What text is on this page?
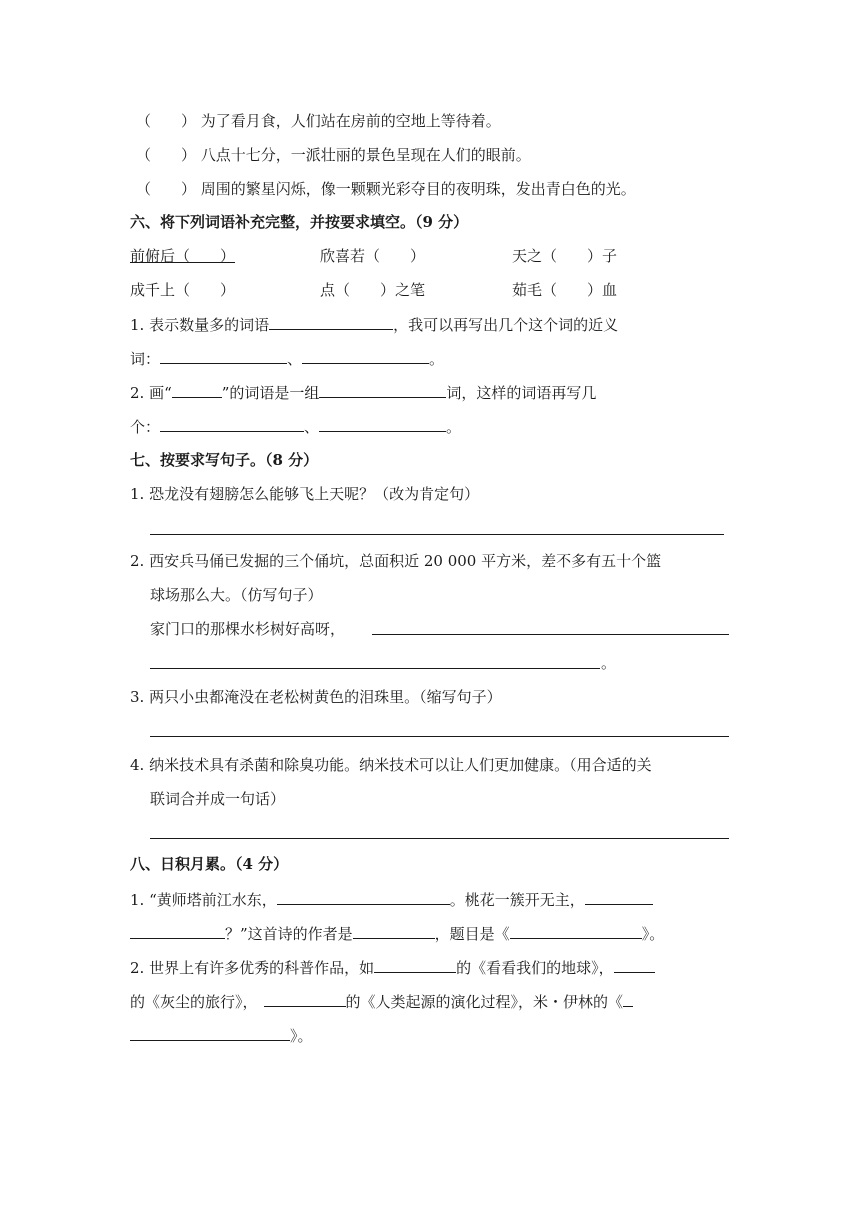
（　　） 为了看月食，人们站在房前的空地上等待着。
（　　） 八点十七分，一派壮丽的景色呈现在人们的眼前。
（　　） 周围的繁星闪烁，像一颗颗光彩夺目的夜明珠，发出青白色的光。
六、将下列词语补充完整，并按要求填空。（9 分）
前俯后（　　）	欣喜若（　　）	天之（　　）子
成千上（　　）	点（　　）之笔	茹毛（　　）血
1. 表示数量多的词语	，我可以再写出几个这个词的近义
词：	、	。
2. 画“	”的词语是一组	词，这样的词语再写几
个：	、	。
七、按要求写句子。（8 分）
1. 恐龙没有翅膀怎么能够飞上天呢？（改为肯定句）
2. 西安兵马俑已发掘的三个俑坑，总面积近 20 000 平方米，差不多有五十个篮
球场那么大。（仿写句子）
家门口的那棵水杉树好高呀，
。
3. 两只小虫都淹没在老松树黄色的泪珠里。（缩写句子）
4. 纳米技术具有杀菌和除臭功能。纳米技术可以让人们更加健康。（用合适的关
联词合并成一句话）
八、日积月累。（4 分）
1. “黄师塔前江水东，	。桃花一簇开无主，
？”这首诗的作者是	，题目是《	》。
2. 世界上有许多优秀的科普作品，如	的《看看我们的地球》，
的《灰尘的旅行》，	的《人类起源的演化过程》，米・伊林的《
》。
